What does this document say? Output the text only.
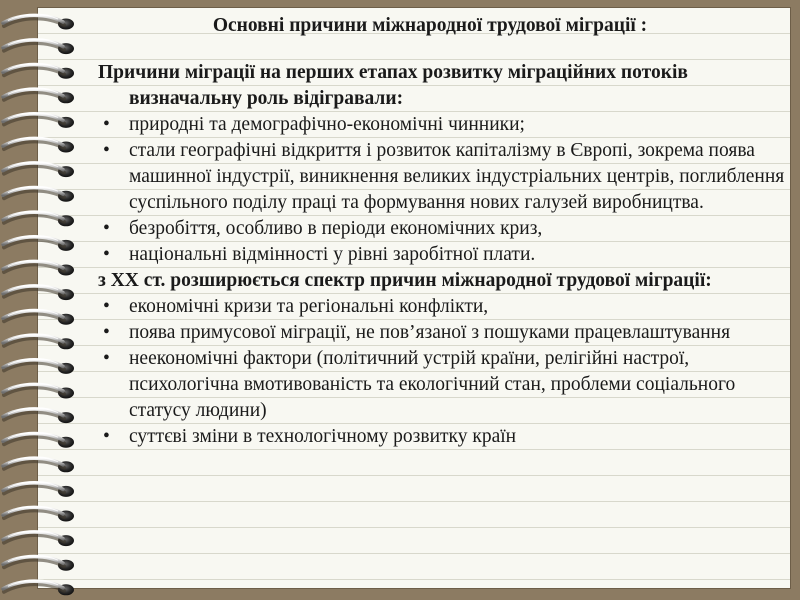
Основні причини міжнародної трудової міграції :
Причини міграції на перших етапах розвитку міграційних потоків визначальну роль відігравали:
• природні та демографічно-економічні чинники;
• стали географічні відкриття і розвиток капіталізму в Європі, зокрема поява машинної індустрії, виникнення великих індустріальних центрів, поглиблення суспільного поділу праці та формування нових галузей виробництва.
• безробіття, особливо в періоди економічних криз,
• національні відмінності у рівні заробітної плати.
з ХХ ст. розширюється спектр причин міжнародної трудової міграції:
• економічні кризи та регіональні конфлікти,
• поява примусової міграції, не пов’язаної з пошуками працевлаштування
• неекономічні фактори (політичний устрій країни, релігійні настрої, психологічна вмотивованість та екологічний стан, проблеми соціального статусу людини)
• суттєві зміни в технологічному розвитку країн
